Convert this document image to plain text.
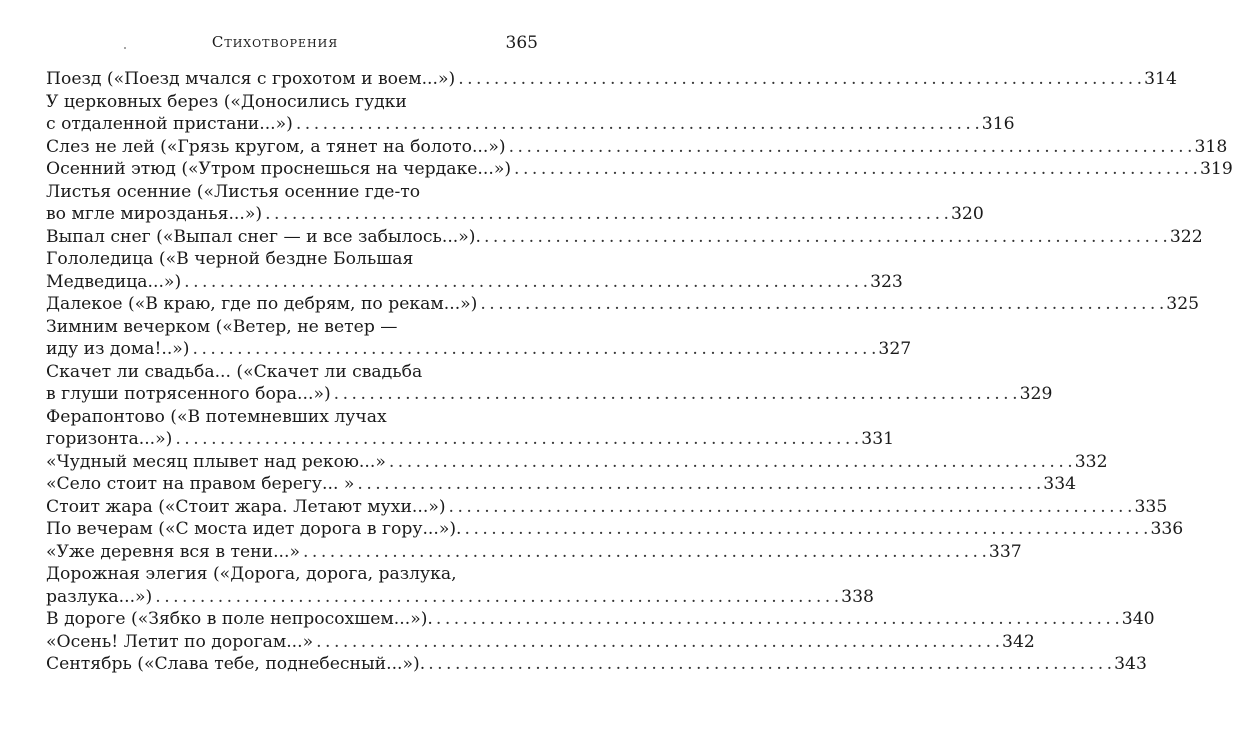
Стихотворения	365
Поезд («Поезд мчался с грохотом и воем...») . . .	314
У церковных берез («Доносились гудки
с отдаленной пристани...») . . .	316
Слез не лей («Грязь кругом, а тянет на болото...») . . .	318
Осенний этюд («Утром проснешься на чердаке...») . . .	319
Листья осенние («Листья осенние где-то
во мгле мирозданья...») . . .	320
Выпал снег («Выпал снег — и все забылось...»). . . .	322
Гололедица («В черной бездне Большая
Медведица...») . . .	323
Далекое («В краю, где по дебрям, по рекам...») . . .	325
Зимним вечерком («Ветер, не ветер —
иду из дома!..») . . .	327
Скачет ли свадьба... («Скачет ли свадьба
в глуши потрясенного бора...») . . .	329
Ферапонтово («В потемневших лучах
горизонта...») . . .	331
«Чудный месяц плывет над рекою...» . . .	332
«Село стоит на правом берегу... » . . .	334
Стоит жара («Стоит жара. Летают мухи...») . . .	335
По вечерам («С моста идет дорога в гору...»). . . .	336
«Уже деревня вся в тени...» . . .	337
Дорожная элегия («Дорога, дорога, разлука,
разлука...») . . .	338
В дороге («Зябко в поле непросохшем...»). . . .	340
«Осень! Летит по дорогам...» . . .	342
Сентябрь («Слава тебе, поднебесный...»). . . .	343
